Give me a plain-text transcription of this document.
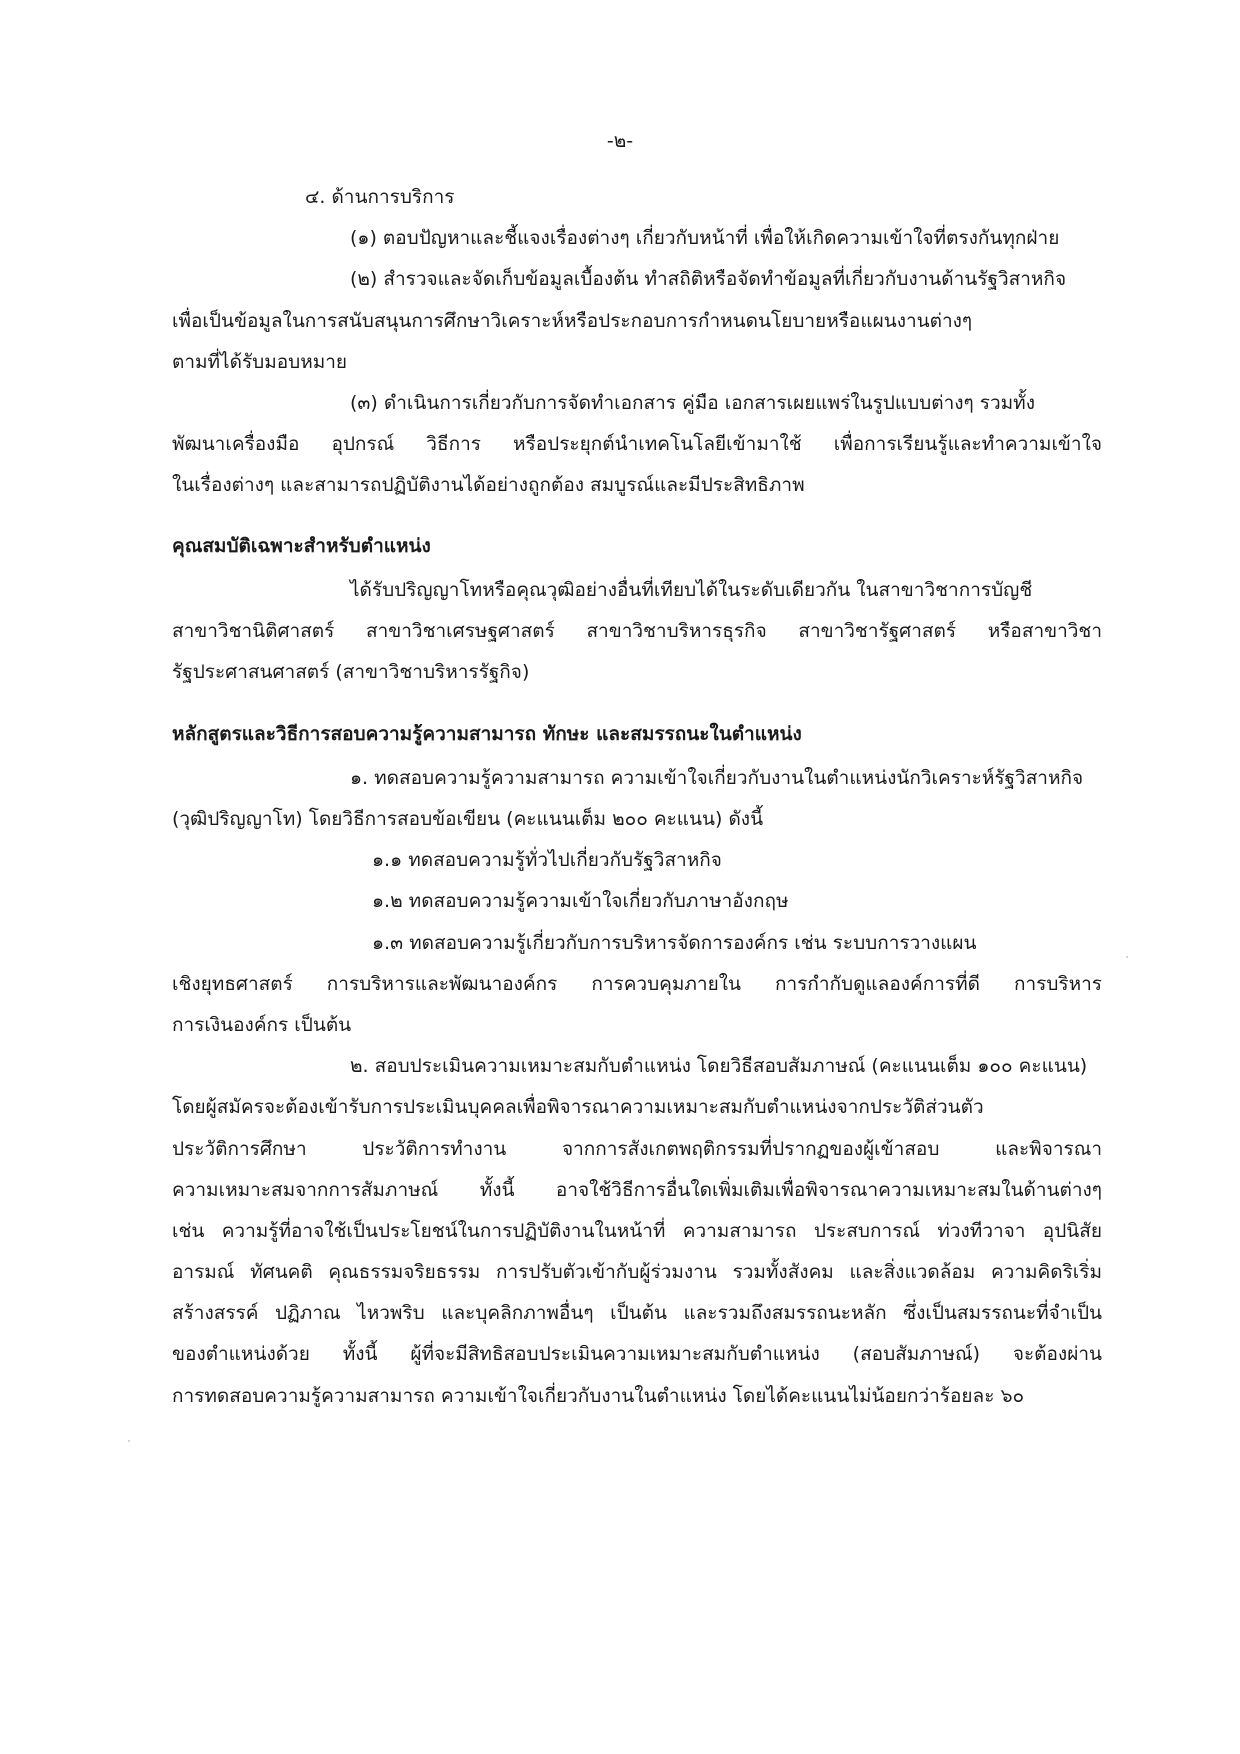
-๒-
๔. ด้านการบริการ
(๑) ตอบปัญหาและชี้แจงเรื่องต่างๆ เกี่ยวกับหน้าที่ เพื่อให้เกิดความเข้าใจที่ตรงกันทุกฝ่าย
(๒) สำรวจและจัดเก็บข้อมูลเบื้องต้น ทำสถิติหรือจัดทำข้อมูลที่เกี่ยวกับงานด้านรัฐวิสาหกิจ
เพื่อเป็นข้อมูลในการสนับสนุนการศึกษาวิเคราะห์หรือประกอบการกำหนดนโยบายหรือแผนงานต่างๆ
ตามที่ได้รับมอบหมาย
(๓) ดำเนินการเกี่ยวกับการจัดทำเอกสาร คู่มือ เอกสารเผยแพร่ในรูปแบบต่างๆ รวมทั้ง
พัฒนาเครื่องมือ อุปกรณ์ วิธีการ หรือประยุกต์นำเทคโนโลยีเข้ามาใช้ เพื่อการเรียนรู้และทำความเข้าใจ
ในเรื่องต่างๆ และสามารถปฏิบัติงานได้อย่างถูกต้อง สมบูรณ์และมีประสิทธิภาพ
คุณสมบัติเฉพาะสำหรับตำแหน่ง
ได้รับปริญญาโทหรือคุณวุฒิอย่างอื่นที่เทียบได้ในระดับเดียวกัน ในสาขาวิชาการบัญชี
สาขาวิชานิติศาสตร์ สาขาวิชาเศรษฐศาสตร์ สาขาวิชาบริหารธุรกิจ สาขาวิชารัฐศาสตร์ หรือสาขาวิชา
รัฐประศาสนศาสตร์ (สาขาวิชาบริหารรัฐกิจ)
หลักสูตรและวิธีการสอบความรู้ความสามารถ ทักษะ และสมรรถนะในตำแหน่ง
๑. ทดสอบความรู้ความสามารถ ความเข้าใจเกี่ยวกับงานในตำแหน่งนักวิเคราะห์รัฐวิสาหกิจ
(วุฒิปริญญาโท) โดยวิธีการสอบข้อเขียน (คะแนนเต็ม ๒๐๐ คะแนน) ดังนี้
๑.๑ ทดสอบความรู้ทั่วไปเกี่ยวกับรัฐวิสาหกิจ
๑.๒ ทดสอบความรู้ความเข้าใจเกี่ยวกับภาษาอังกฤษ
๑.๓ ทดสอบความรู้เกี่ยวกับการบริหารจัดการองค์กร เช่น ระบบการวางแผน
เชิงยุทธศาสตร์ การบริหารและพัฒนาองค์กร การควบคุมภายใน การกำกับดูแลองค์การที่ดี การบริหาร
การเงินองค์กร เป็นต้น
๒. สอบประเมินความเหมาะสมกับตำแหน่ง โดยวิธีสอบสัมภาษณ์ (คะแนนเต็ม ๑๐๐ คะแนน)
โดยผู้สมัครจะต้องเข้ารับการประเมินบุคคลเพื่อพิจารณาความเหมาะสมกับตำแหน่งจากประวัติส่วนตัว
ประวัติการศึกษา ประวัติการทำงาน จากการสังเกตพฤติกรรมที่ปรากฏของผู้เข้าสอบ และพิจารณา
ความเหมาะสมจากการสัมภาษณ์ ทั้งนี้ อาจใช้วิธีการอื่นใดเพิ่มเติมเพื่อพิจารณาความเหมาะสมในด้านต่างๆ
เช่น ความรู้ที่อาจใช้เป็นประโยชน์ในการปฏิบัติงานในหน้าที่ ความสามารถ ประสบการณ์ ท่วงทีวาจา อุปนิสัย
อารมณ์ ทัศนคติ คุณธรรมจริยธรรม การปรับตัวเข้ากับผู้ร่วมงาน รวมทั้งสังคม และสิ่งแวดล้อม ความคิดริเริ่ม
สร้างสรรค์ ปฏิภาณ ไหวพริบ และบุคลิกภาพอื่นๆ เป็นต้น และรวมถึงสมรรถนะหลัก ซึ่งเป็นสมรรถนะที่จำเป็น
ของตำแหน่งด้วย ทั้งนี้ ผู้ที่จะมีสิทธิสอบประเมินความเหมาะสมกับตำแหน่ง (สอบสัมภาษณ์) จะต้องผ่าน
การทดสอบความรู้ความสามารถ ความเข้าใจเกี่ยวกับงานในตำแหน่ง โดยได้คะแนนไม่น้อยกว่าร้อยละ ๖๐
